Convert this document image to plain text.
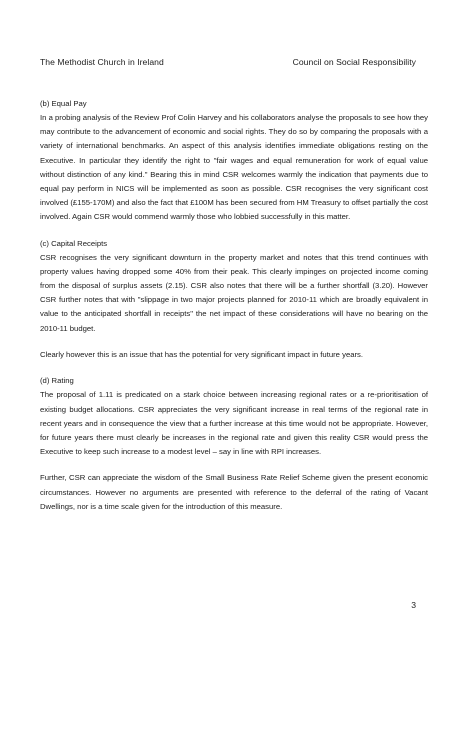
The Methodist Church in Ireland	Council on Social Responsibility
(b) Equal Pay

In a probing analysis of the Review Prof Colin Harvey and his collaborators analyse the proposals to see how they may contribute to the advancement of economic and social rights. They do so by comparing the proposals with a variety of international benchmarks. An aspect of this analysis identifies immediate obligations resting on the Executive. In particular they identify the right to "fair wages and equal remuneration for work of equal value without distinction of any kind." Bearing this in mind CSR welcomes warmly the indication that payments due to equal pay perform in NICS will be implemented as soon as possible. CSR recognises the very significant cost involved (£155-170M) and also the fact that £100M has been secured from HM Treasury to offset partially the cost involved. Again CSR would commend warmly those who lobbied successfully in this matter.

(c) Capital Receipts

CSR recognises the very significant downturn in the property market and notes that this trend continues with property values having dropped some 40% from their peak. This clearly impinges on projected income coming from the disposal of surplus assets (2.15). CSR also notes that there will be a further shortfall (3.20). However CSR further notes that with "slippage in two major projects planned for 2010-11 which are broadly equivalent in value to the anticipated shortfall in receipts" the net impact of these considerations will have no bearing on the 2010-11 budget.

Clearly however this is an issue that has the potential for very significant impact in future years.

(d) Rating

The proposal of 1.11 is predicated on a stark choice between increasing regional rates or a re-prioritisation of existing budget allocations. CSR appreciates the very significant increase in real terms of the regional rate in recent years and in consequence the view that a further increase at this time would not be appropriate. However, for future years there must clearly be increases in the regional rate and given this reality CSR would press the Executive to keep such increase to a modest level – say in line with RPI increases.

Further, CSR can appreciate the wisdom of the Small Business Rate Relief Scheme given the present economic circumstances. However no arguments are presented with reference to the deferral of the rating of Vacant Dwellings, nor is a time scale given for the introduction of this measure.

3
